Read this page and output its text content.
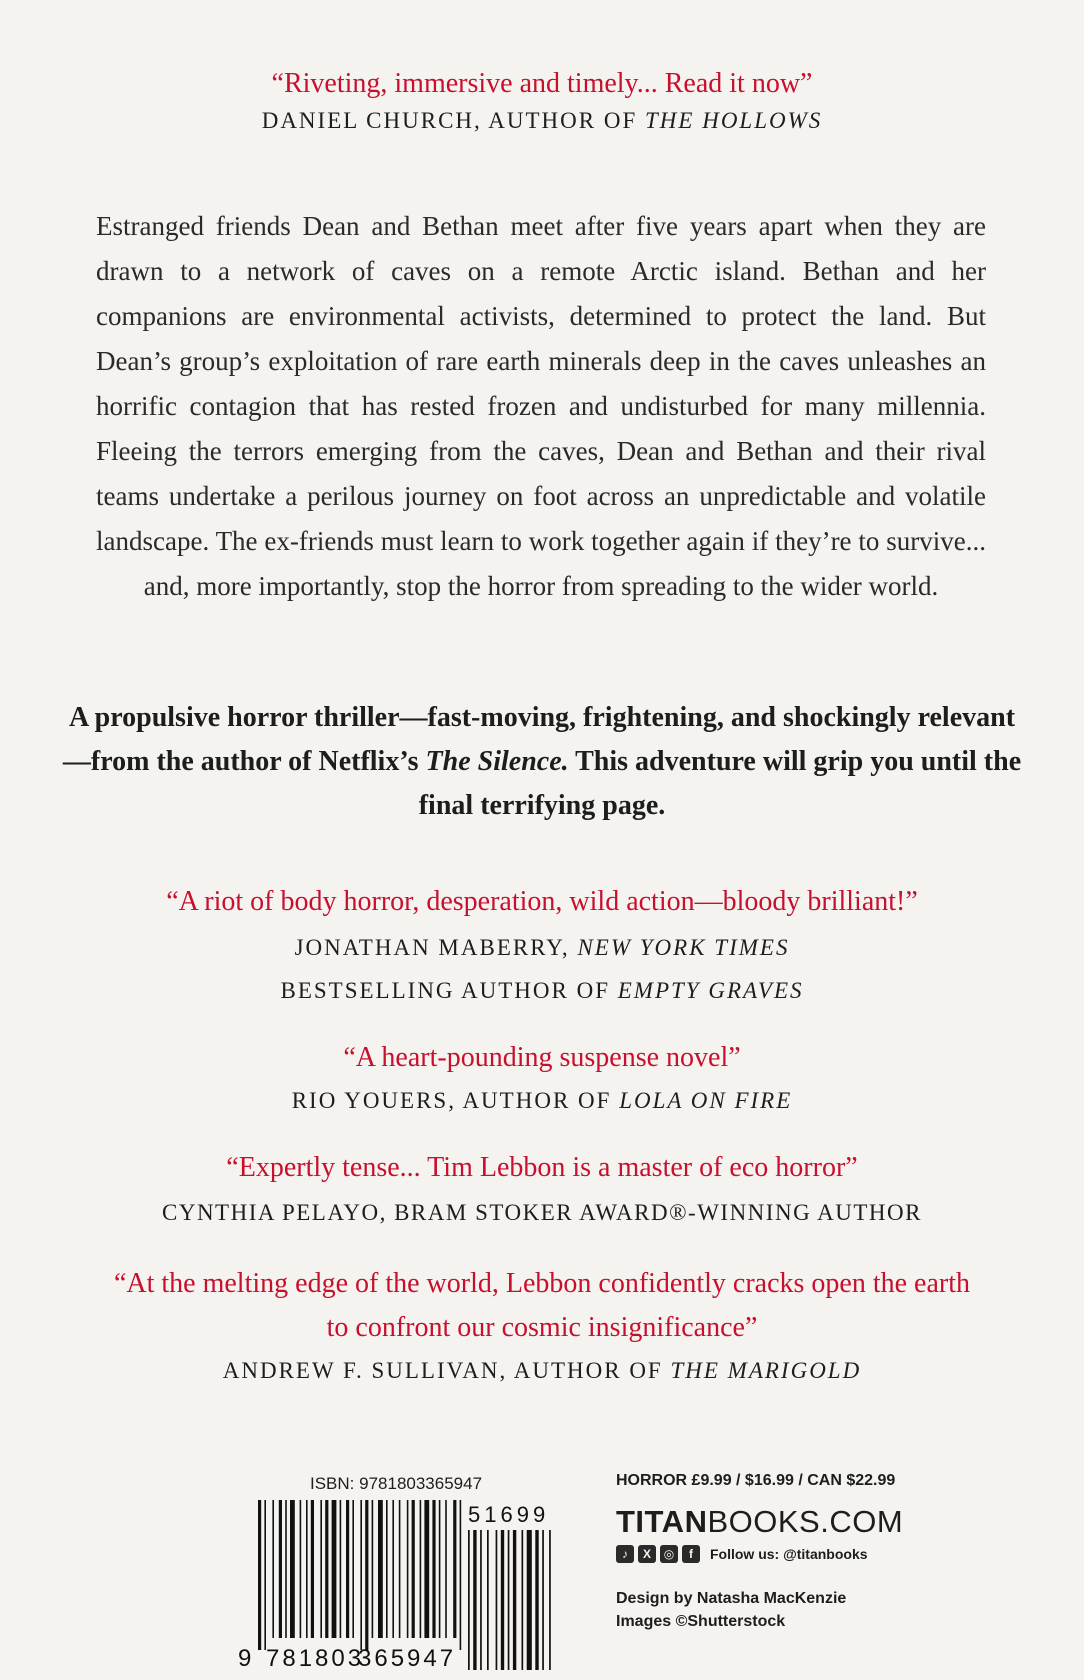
“Riveting, immersive and timely... Read it now”
DANIEL CHURCH, AUTHOR OF THE HOLLOWS
Estranged friends Dean and Bethan meet after five years apart when they are drawn to a network of caves on a remote Arctic island. Bethan and her companions are environmental activists, determined to protect the land. But Dean’s group’s exploitation of rare earth minerals deep in the caves unleashes an horrific contagion that has rested frozen and undisturbed for many millennia. Fleeing the terrors emerging from the caves, Dean and Bethan and their rival teams undertake a perilous journey on foot across an unpredictable and volatile landscape. The ex-friends must learn to work together again if they’re to survive... and, more importantly, stop the horror from spreading to the wider world.
A propulsive horror thriller—fast-moving, frightening, and shockingly relevant—from the author of Netflix’s The Silence. This adventure will grip you until the final terrifying page.
“A riot of body horror, desperation, wild action—bloody brilliant!” JONATHAN MABERRY, NEW YORK TIMES
BESTSELLING AUTHOR OF EMPTY GRAVES
“A heart-pounding suspense novel”
RIO YOUERS, AUTHOR OF LOLA ON FIRE
“Expertly tense... Tim Lebbon is a master of eco horror”
CYNTHIA PELAYO, BRAM STOKER AWARD®-WINNING AUTHOR
“At the melting edge of the world, Lebbon confidently cracks open the earth to confront our cosmic insignificance”
ANDREW F. SULLIVAN, AUTHOR OF THE MARIGOLD
ISBN: 9781803365947
9 781803
365947
51699
HORROR £9.99 / $16.99 / CAN $22.99
TITANBOOKS.COM
♪	X	◎	f	Follow us: @titanbooks
Design by Natasha MacKenzie
Images ©Shutterstock
